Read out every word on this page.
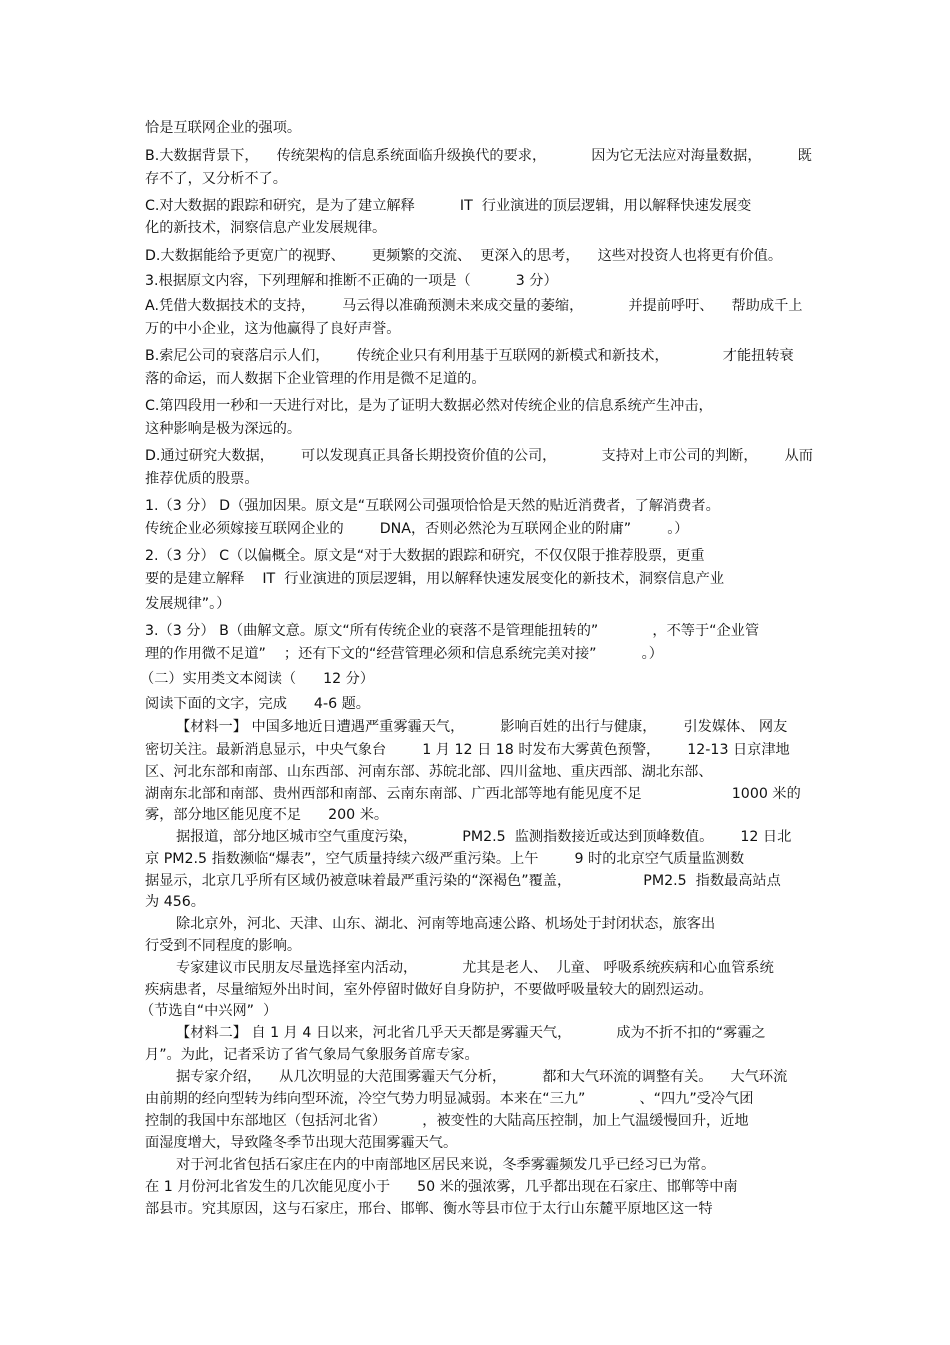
恰是互联网企业的强项。

B.大数据背景下，    传统架构的信息系统面临升级换代的要求，          因为它无法应对海量数据，        既

存不了，又分析不了。

C.对大数据的跟踪和研究，是为了建立解释          IT  行业演进的顶层逻辑，用以解释快速发展变

化的新技术，洞察信息产业发展规律。

D.大数据能给予更宽广的视野、      更频繁的交流、  更深入的思考，    这些对投资人也将更有价值。

3.根据原文内容，下列理解和推断不正确的一项是（          3 分）

A.凭借大数据技术的支持，      马云得以准确预测未来成交量的萎缩，          并提前呼吁、    帮助成千上

万的中小企业，这为他赢得了良好声誉。

B.索尼公司的衰落启示人们，      传统企业只有利用基于互联网的新模式和新技术，            才能扭转衰

落的命运，而人数据下企业管理的作用是微不足道的。

C.第四段用一秒和一天进行对比，是为了证明大数据必然对传统企业的信息系统产生冲击，

这种影响是极为深远的。

D.通过研究大数据，      可以发现真正具备长期投资价值的公司，          支持对上市公司的判断，      从而

推荐优质的股票。

1.（3 分） D（强加因果。原文是“互联网公司强项恰恰是天然的贴近消费者，了解消费者。

传统企业必须嫁接互联网企业的        DNA，否则必然沦为互联网企业的附庸”        。）

2.（3 分） C（以偏概全。原文是“对于大数据的跟踪和研究，不仅仅限于推荐股票，更重

要的是建立解释    IT  行业演进的顶层逻辑，用以解释快速发展变化的新技术，洞察信息产业

发展规律”。）

3.（3 分） B（曲解文意。原文“所有传统企业的衰落不是管理能扭转的”            ，不等于“企业管

理的作用微不足道”    ；还有下文的“经营管理必须和信息系统完美对接”          。）

（二）实用类文本阅读（      12 分）

阅读下面的文字，完成      4-6 题。

【材料一】 中国多地近日遭遇严重雾霾天气，        影响百姓的出行与健康，      引发媒体、 网友

密切关注。最新消息显示，中央气象台        1 月 12 日 18 时发布大雾黄色预警，      12-13 日京津地

区、河北东部和南部、山东西部、河南东部、苏皖北部、四川盆地、重庆西部、湖北东部、

湖南东北部和南部、贵州西部和南部、云南东南部、广西北部等地有能见度不足                    1000 米的

雾，部分地区能见度不足      200 米。

据报道，部分地区城市空气重度污染，          PM2.5  监测指数接近或达到顶峰数值。      12 日北

京 PM2.5 指数濒临“爆表”，空气质量持续六级严重污染。上午        9 时的北京空气质量监测数

据显示，北京几乎所有区域仍被意味着最严重污染的“深褐色”覆盖，                PM2.5  指数最高站点

为 456。

除北京外，河北、天津、山东、湖北、河南等地高速公路、机场处于封闭状态，旅客出

行受到不同程度的影响。

专家建议市民朋友尽量选择室内活动，          尤其是老人、  儿童、 呼吸系统疾病和心血管系统

疾病患者，尽量缩短外出时间，室外停留时做好自身防护，不要做呼吸量较大的剧烈运动。

（节选自“中兴网”  ）

【材料二】 自 1 月 4 日以来，河北省几乎天天都是雾霾天气，          成为不折不扣的“雾霾之

月”。为此，记者采访了省气象局气象服务首席专家。

据专家介绍，    从几次明显的大范围雾霾天气分析，        都和大气环流的调整有关。    大气环流

由前期的经向型转为纬向型环流，冷空气势力明显减弱。本来在“三九”            、“四九”受冷气团

控制的我国中东部地区（包括河北省）        ，被变性的大陆高压控制，加上气温缓慢回升，近地

面湿度增大，导致隆冬季节出现大范围雾霾天气。

对于河北省包括石家庄在内的中南部地区居民来说，冬季雾霾频发几乎已经习已为常。

在 1 月份河北省发生的几次能见度小于      50 米的强浓雾，几乎都出现在石家庄、邯郸等中南

部县市。究其原因，这与石家庄，邢台、邯郸、衡水等县市位于太行山东麓平原地区这一特
